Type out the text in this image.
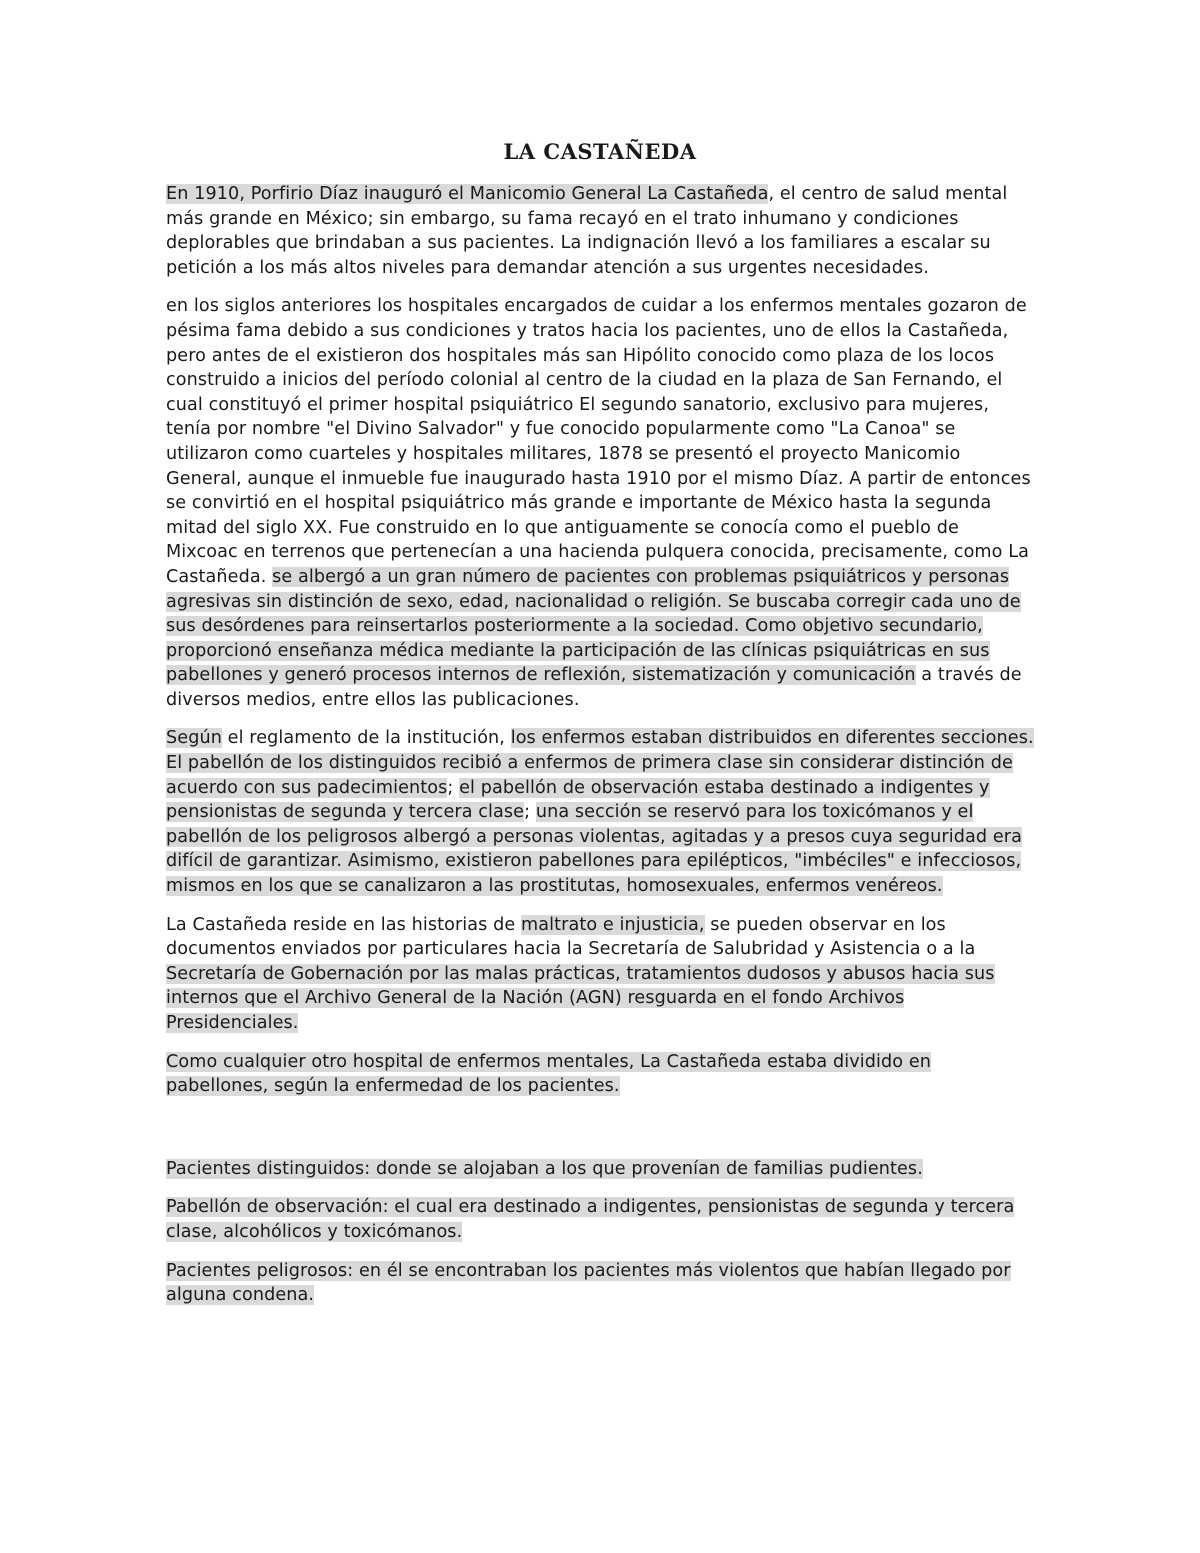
LA CASTAÑEDA

En 1910, Porfirio Díaz inauguró el Manicomio General La Castañeda, el centro de salud mental más grande en México; sin embargo, su fama recayó en el trato inhumano y condiciones deplorables que brindaban a sus pacientes. La indignación llevó a los familiares a escalar su petición a los más altos niveles para demandar atención a sus urgentes necesidades.

en los siglos anteriores los hospitales encargados de cuidar a los enfermos mentales gozaron de pésima fama debido a sus condiciones y tratos hacia los pacientes, uno de ellos la Castañeda, pero antes de el existieron dos hospitales más san Hipólito conocido como plaza de los locos construido a inicios del período colonial al centro de la ciudad en la plaza de San Fernando, el cual constituyó el primer hospital psiquiátrico El segundo sanatorio, exclusivo para mujeres, tenía por nombre "el Divino Salvador" y fue conocido popularmente como "La Canoa" se utilizaron como cuarteles y hospitales militares, 1878 se presentó el proyecto Manicomio General, aunque el inmueble fue inaugurado hasta 1910 por el mismo Díaz. A partir de entonces se convirtió en el hospital psiquiátrico más grande e importante de México hasta la segunda mitad del siglo XX. Fue construido en lo que antiguamente se conocía como el pueblo de Mixcoac en terrenos que pertenecían a una hacienda pulquera conocida, precisamente, como La Castañeda. se albergó a un gran número de pacientes con problemas psiquiátricos y personas agresivas sin distinción de sexo, edad, nacionalidad o religión. Se buscaba corregir cada uno de sus desórdenes para reinsertarlos posteriormente a la sociedad. Como objetivo secundario, proporcionó enseñanza médica mediante la participación de las clínicas psiquiátricas en sus pabellones y generó procesos internos de reflexión, sistematización y comunicación a través de diversos medios, entre ellos las publicaciones.

Según el reglamento de la institución, los enfermos estaban distribuidos en diferentes secciones. El pabellón de los distinguidos recibió a enfermos de primera clase sin considerar distinción de acuerdo con sus padecimientos; el pabellón de observación estaba destinado a indigentes y pensionistas de segunda y tercera clase; una sección se reservó para los toxicómanos y el pabellón de los peligrosos albergó a personas violentas, agitadas y a presos cuya seguridad era difícil de garantizar. Asimismo, existieron pabellones para epilépticos, "imbéciles" e infecciosos, mismos en los que se canalizaron a las prostitutas, homosexuales, enfermos venéreos.

La Castañeda reside en las historias de maltrato e injusticia, se pueden observar en los documentos enviados por particulares hacia la Secretaría de Salubridad y Asistencia o a la Secretaría de Gobernación por las malas prácticas, tratamientos dudosos y abusos hacia sus internos que el Archivo General de la Nación (AGN) resguarda en el fondo Archivos Presidenciales.

Como cualquier otro hospital de enfermos mentales, La Castañeda estaba dividido en pabellones, según la enfermedad de los pacientes.

Pacientes distinguidos: donde se alojaban a los que provenían de familias pudientes.

Pabellón de observación: el cual era destinado a indigentes, pensionistas de segunda y tercera clase, alcohólicos y toxicómanos.

Pacientes peligrosos: en él se encontraban los pacientes más violentos que habían llegado por alguna condena.
